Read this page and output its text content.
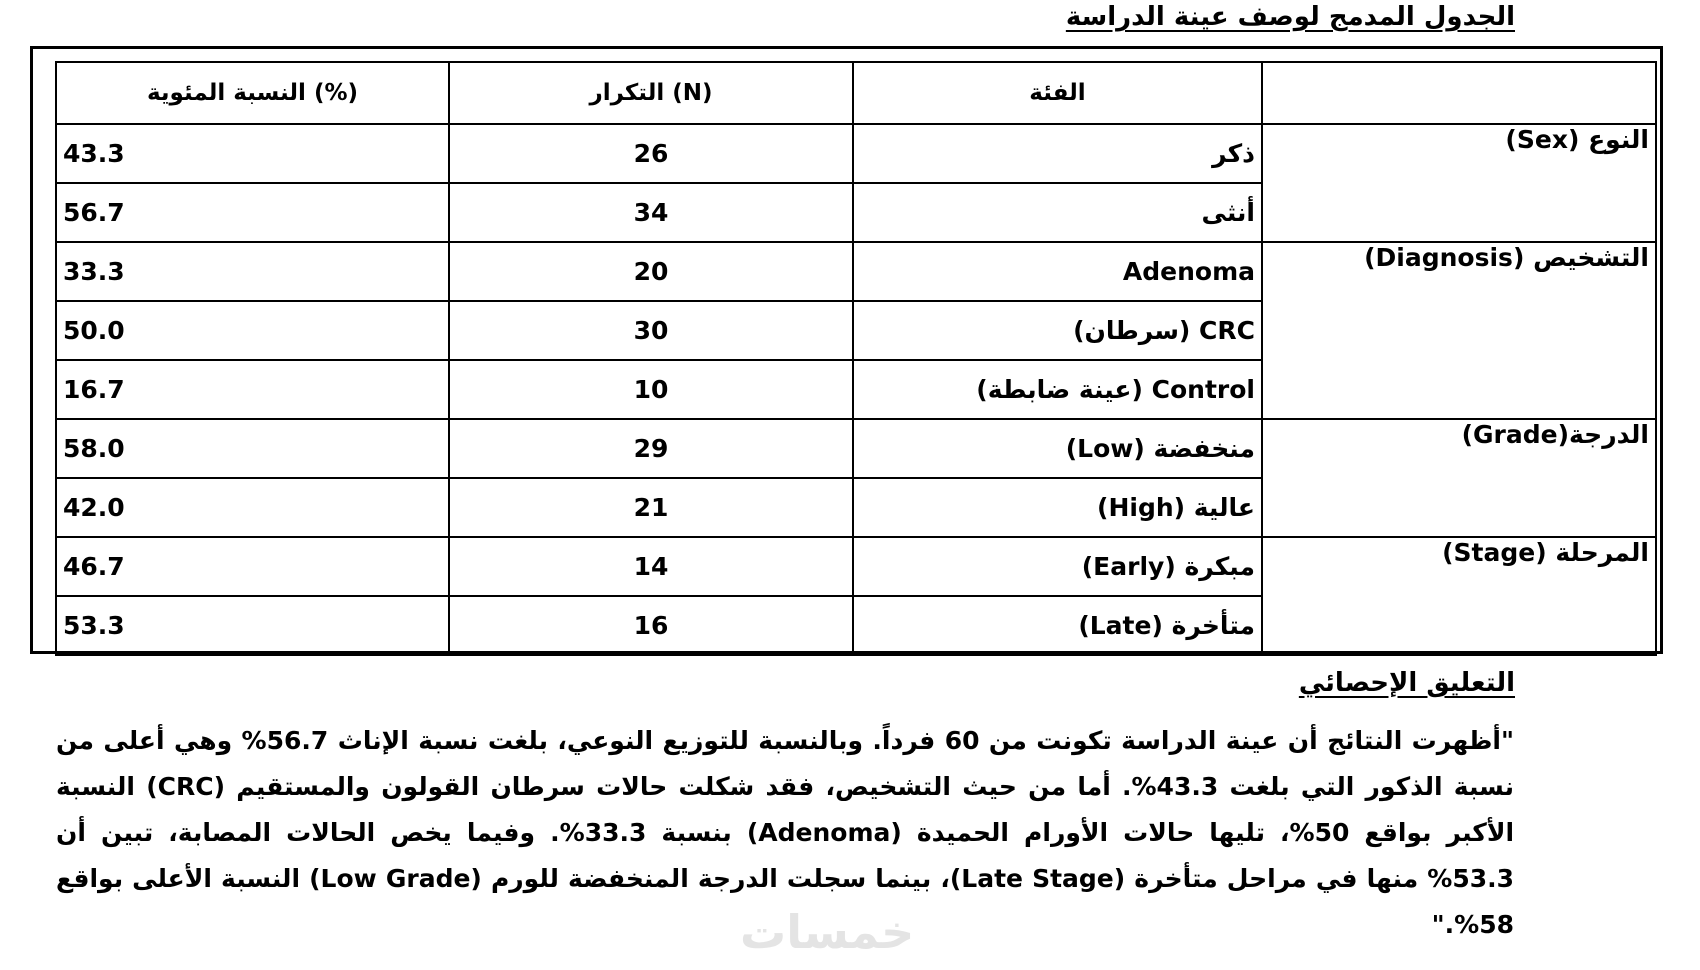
الجدول المدمج لوصف عينة الدراسة
النسبة المئوية (%)	التكرار (N)	الفئة	
43.3	26	ذكر	النوع (Sex)
56.7	34	أنثى	
33.3	20	Adenoma	التشخيص (Diagnosis)
50.0	30	CRC (سرطان)	
16.7	10	Control (عينة ضابطة)	
58.0	29	منخفضة (Low)	الدرجة(Grade)
42.0	21	عالية (High)	
46.7	14	مبكرة (Early)	المرحلة (Stage)
53.3	16	متأخرة (Late)	
التعليق الإحصائي
"أظهرت النتائج أن عينة الدراسة تكونت من 60 فرداً. وبالنسبة للتوزيع النوعي، بلغت نسبة الإناث 56.7% وهي أعلى من نسبة الذكور التي بلغت 43.3%. أما من حيث التشخيص، فقد شكلت حالات سرطان القولون والمستقيم (CRC) النسبة الأكبر بواقع 50%، تليها حالات الأورام الحميدة (Adenoma) بنسبة 33.3%. وفيما يخص الحالات المصابة، تبين أن 53.3% منها في مراحل متأخرة (Late Stage)، بينما سجلت الدرجة المنخفضة للورم (Low Grade) النسبة الأعلى بواقع 58%."
خمسات
